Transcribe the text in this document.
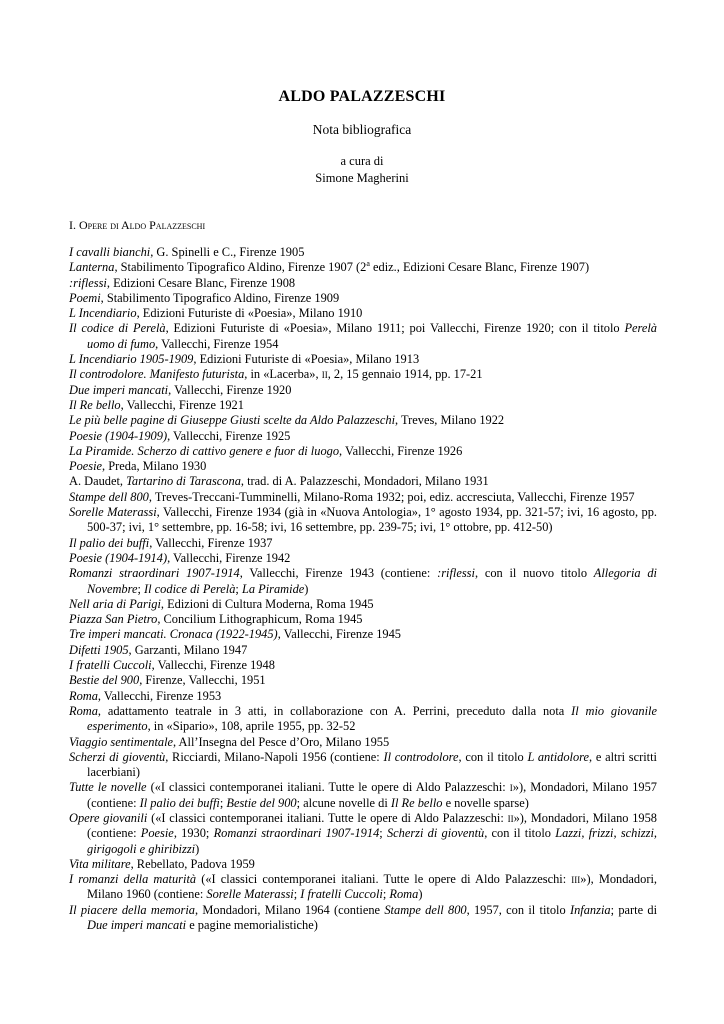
ALDO PALAZZESCHI
Nota bibliografica
a cura di
Simone Magherini
I. Opere di Aldo Palazzeschi
I cavalli bianchi, G. Spinelli e C., Firenze 1905
Lanterna, Stabilimento Tipografico Aldino, Firenze 1907 (2$^a$ ediz., Edizioni Cesare Blanc, Firenze 1907)
:riflessi, Edizioni Cesare Blanc, Firenze 1908
Poemi, Stabilimento Tipografico Aldino, Firenze 1909
L Incendiario, Edizioni Futuriste di «Poesia», Milano 1910
Il codice di Perelà, Edizioni Futuriste di «Poesia», Milano 1911; poi Vallecchi, Firenze 1920; con il titolo Perelà uomo di fumo, Vallecchi, Firenze 1954
L Incendiario 1905-1909, Edizioni Futuriste di «Poesia», Milano 1913
Il controdolore. Manifesto futurista, in «Lacerba», ii, 2, 15 gennaio 1914, pp. 17-21
Due imperi mancati, Vallecchi, Firenze 1920
Il Re bello, Vallecchi, Firenze 1921
Le più belle pagine di Giuseppe Giusti scelte da Aldo Palazzeschi, Treves, Milano 1922
Poesie (1904-1909), Vallecchi, Firenze 1925
La Piramide. Scherzo di cattivo genere e fuor di luogo, Vallecchi, Firenze 1926
Poesie, Preda, Milano 1930
A. Daudet, Tartarino di Tarascona, trad. di A. Palazzeschi, Mondadori, Milano 1931
Stampe dell 800, Treves-Treccani-Tumminelli, Milano-Roma 1932; poi, ediz. accresciuta, Vallecchi, Firenze 1957
Sorelle Materassi, Vallecchi, Firenze 1934 (già in «Nuova Antologia», 1° agosto 1934, pp. 321-57; ivi, 16 agosto, pp. 500-37; ivi, 1° settembre, pp. 16-58; ivi, 16 settembre, pp. 239-75; ivi, 1° ottobre, pp. 412-50)
Il palio dei buffi, Vallecchi, Firenze 1937
Poesie (1904-1914), Vallecchi, Firenze 1942
Romanzi straordinari 1907-1914, Vallecchi, Firenze 1943 (contiene: :riflessi, con il nuovo titolo Allegoria di Novembre; Il codice di Perelà; La Piramide)
Nell aria di Parigi, Edizioni di Cultura Moderna, Roma 1945
Piazza San Pietro, Concilium Lithographicum, Roma 1945
Tre imperi mancati. Cronaca (1922-1945), Vallecchi, Firenze 1945
Difetti 1905, Garzanti, Milano 1947
I fratelli Cuccoli, Vallecchi, Firenze 1948
Bestie del 900, Firenze, Vallecchi, 1951
Roma, Vallecchi, Firenze 1953
Roma, adattamento teatrale in 3 atti, in collaborazione con A. Perrini, preceduto dalla nota Il mio giovanile esperimento, in «Sipario», 108, aprile 1955, pp. 32-52
Viaggio sentimentale, All’Insegna del Pesce d’Oro, Milano 1955
Scherzi di gioventù, Ricciardi, Milano-Napoli 1956 (contiene: Il controdolore, con il titolo L antidolore, e altri scritti lacerbiani)
Tutte le novelle («I classici contemporanei italiani. Tutte le opere di Aldo Palazzeschi: i»), Mondadori, Milano 1957 (contiene: Il palio dei buffi; Bestie del 900; alcune novelle di Il Re bello e novelle sparse)
Opere giovanili («I classici contemporanei italiani. Tutte le opere di Aldo Palazzeschi: ii»), Mondadori, Milano 1958 (contiene: Poesie, 1930; Romanzi straordinari 1907-1914; Scherzi di gioventù, con il titolo Lazzi, frizzi, schizzi, girigogoli e ghiribizzi)
Vita militare, Rebellato, Padova 1959
I romanzi della maturità («I classici contemporanei italiani. Tutte le opere di Aldo Palazzeschi: iii»), Mondadori, Milano 1960 (contiene: Sorelle Materassi; I fratelli Cuccoli; Roma)
Il piacere della memoria, Mondadori, Milano 1964 (contiene Stampe dell 800, 1957, con il titolo Infanzia; parte di Due imperi mancati e pagine memorialistiche)
